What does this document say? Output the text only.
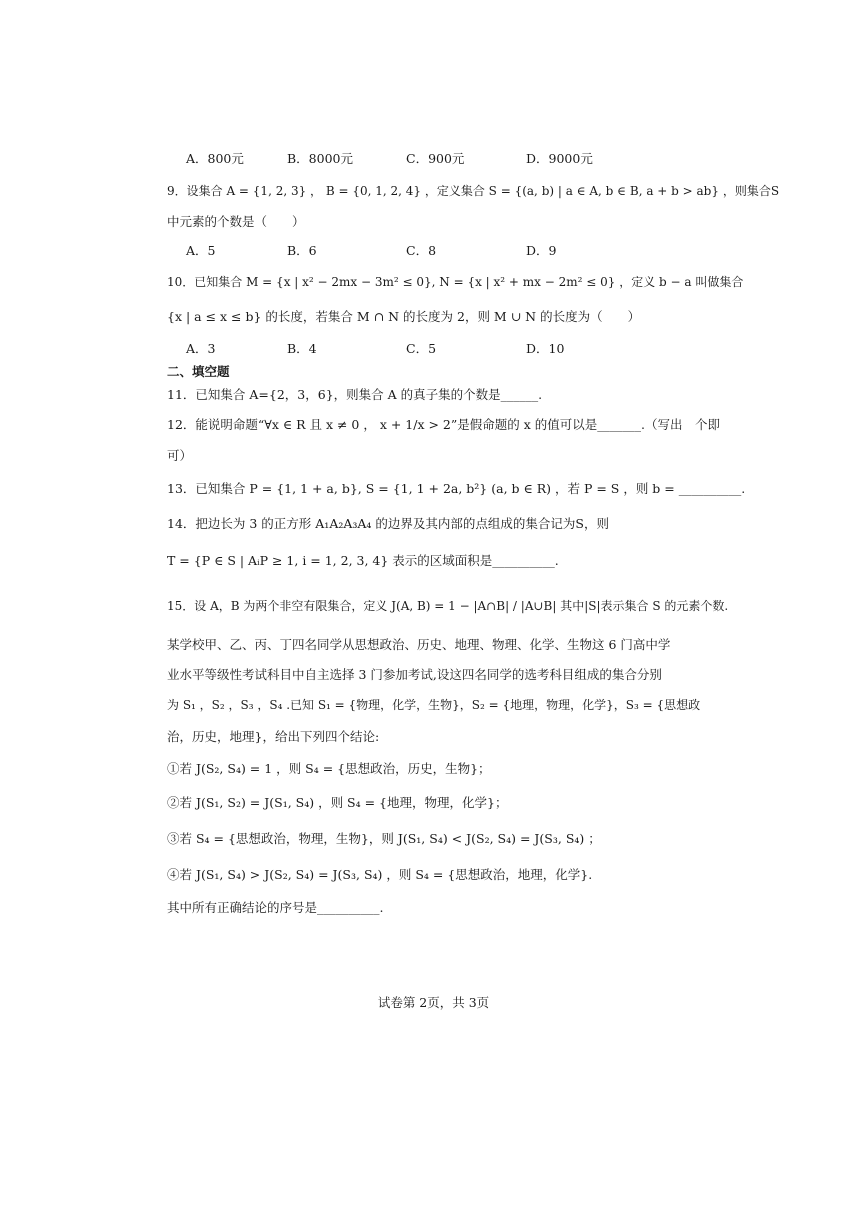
A．800元	B．8000元	C．900元	D．9000元
9．设集合 A = {1, 2, 3} ， B = {0, 1, 2, 4} ，定义集合 S = {(a, b) | a ∈ A, b ∈ B, a + b > ab} ，则集合S
中元素的个数是（　　）
A．5	B．6	C．8	D．9
10．已知集合 M = {x | x² − 2mx − 3m² ≤ 0}, N = {x | x² + mx − 2m² ≤ 0} ，定义 b − a 叫做集合
{x | a ≤ x ≤ b} 的长度，若集合 M ∩ N 的长度为 2，则 M ∪ N 的长度为（　　）
A．3	B．4	C．5	D．10
二、填空题
11．已知集合 A={2，3，6}，则集合 A 的真子集的个数是______.
12．能说明命题“∀x ∈ R 且 x ≠ 0 ， x + 1/x > 2”是假命题的 x 的值可以是_______.（写出　个即
可）
13．已知集合 P = {1, 1 + a, b}, S = {1, 1 + 2a, b²} (a, b ∈ R) ，若 P = S ，则 b = __________.
14．把边长为 3 的正方形 A₁A₂A₃A₄ 的边界及其内部的点组成的集合记为S，则
T = {P ∈ S | AᵢP ≥ 1, i = 1, 2, 3, 4} 表示的区域面积是__________.
15．设 A，B 为两个非空有限集合，定义 J(A, B) = 1 − |A∩B| / |A∪B| 其中|S|表示集合 S 的元素个数.
某学校甲、乙、丙、丁四名同学从思想政治、历史、地理、物理、化学、生物这 6 门高中学
业水平等级性考试科目中自主选择 3 门参加考试,设这四名同学的选考科目组成的集合分别
为 S₁ ，S₂ ，S₃ ，S₄ .已知 S₁ = {物理，化学，生物}，S₂ = {地理，物理，化学}，S₃ = {思想政
治，历史，地理}，给出下列四个结论:
①若 J(S₂, S₄) = 1 ，则 S₄ = {思想政治，历史，生物}；
②若 J(S₁, S₂) = J(S₁, S₄) ，则 S₄ = {地理，物理，化学}；
③若 S₄ = {思想政治，物理，生物}，则 J(S₁, S₄) < J(S₂, S₄) = J(S₃, S₄) ；
④若 J(S₁, S₄) > J(S₂, S₄) = J(S₃, S₄) ，则 S₄ = {思想政治，地理，化学}.
其中所有正确结论的序号是__________.
试卷第 2页，共 3页
